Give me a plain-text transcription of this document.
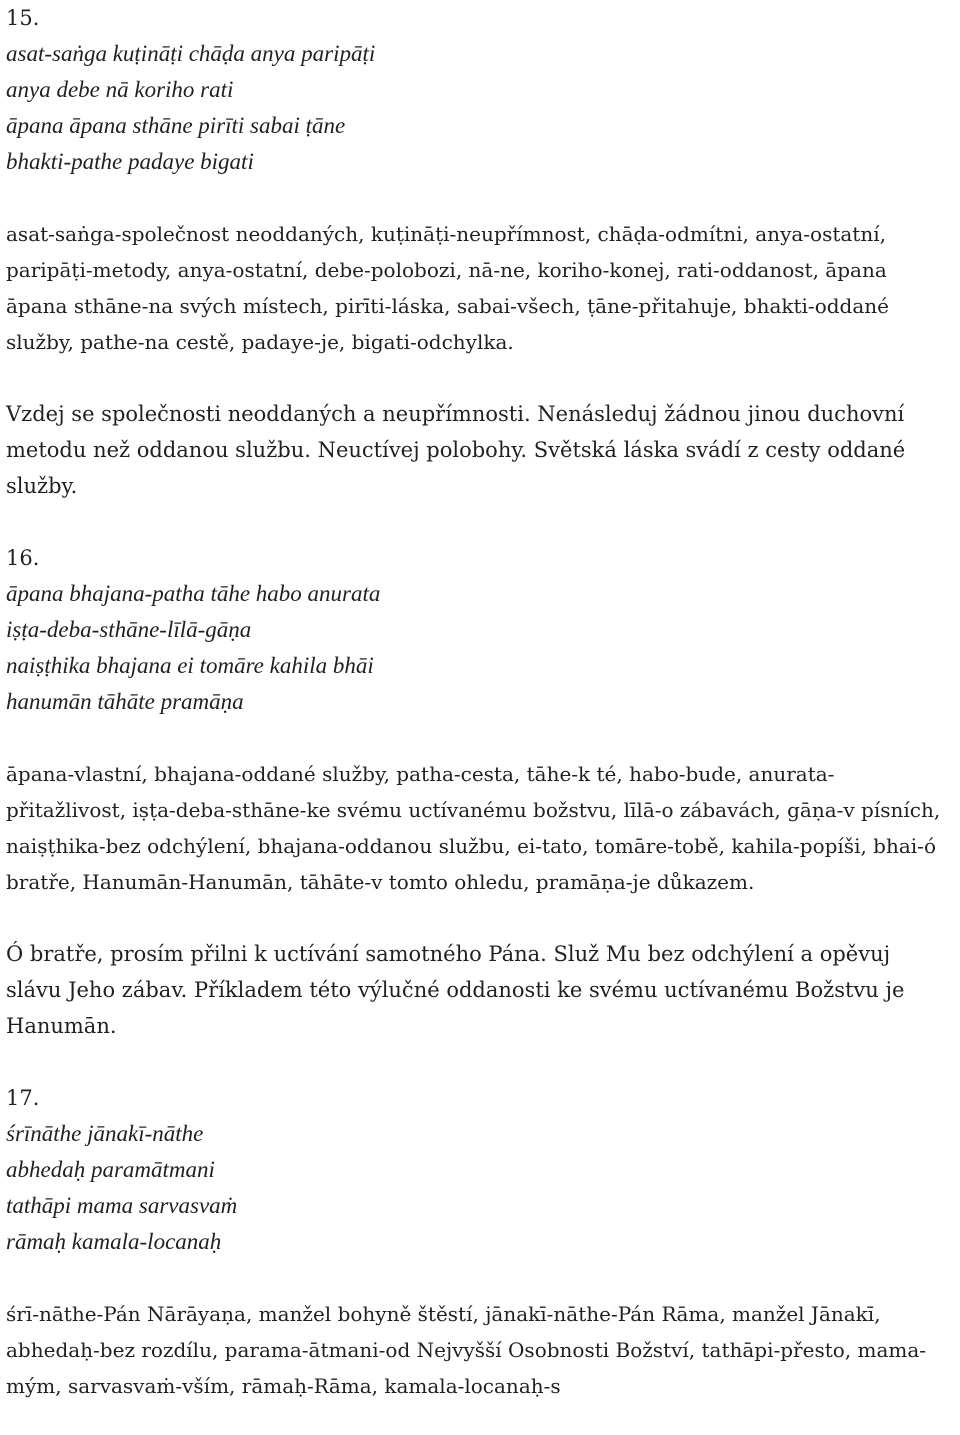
15.

asat-saṅga kuṭināṭi chāḍa anya paripāṭi
anya debe nā koriho rati
āpana āpana sthāne pirīti sabai ṭāne
bhakti-pathe padaye bigati

asat-saṅga-společnost neoddaných, kuṭināṭi-neupřímnost, chāḍa-odmítni, anya-ostatní, paripāṭi-metody, anya-ostatní, debe-polobozi, nā-ne, koriho-konej, rati-oddanost, āpana āpana sthāne-na svých místech, pirīti-láska, sabai-všech, ṭāne-přitahuje, bhakti-oddané služby, pathe-na cestě, padaye-je, bigati-odchylka.

Vzdej se společnosti neoddaných a neupřímnosti. Nenásleduj žádnou jinou duchovní metodu než oddanou službu. Neuctívej polobohy. Světská láska svádí z cesty oddané služby.

16.

āpana bhajana-patha tāhe habo anurata
iṣṭa-deba-sthāne-līlā-gāṇa
naiṣṭhika bhajana ei tomāre kahila bhāi
hanumān tāhāte pramāṇa

āpana-vlastní, bhajana-oddané služby, patha-cesta, tāhe-k té, habo-bude, anurata-přitažlivost, iṣṭa-deba-sthāne-ke svému uctívanému božstvu, līlā-o zábavách, gāṇa-v písních, naiṣṭhika-bez odchýlení, bhajana-oddanou službu, ei-tato, tomāre-tobě, kahila-popíši, bhai-ó bratře, Hanumān-Hanumān, tāhāte-v tomto ohledu, pramāṇa-je důkazem.

Ó bratře, prosím přilni k uctívání samotného Pána. Služ Mu bez odchýlení a opěvuj slávu Jeho zábav. Příkladem této výlučné oddanosti ke svému uctívanému Božstvu je Hanumān.

17.

śrīnāthe jānakī-nāthe
abhedaḥ paramātmani
tathāpi mama sarvasvaṁ
rāmaḥ kamala-locanaḥ

śrī-nāthe-Pán Nārāyaṇa, manžel bohyně štěstí, jānakī-nāthe-Pán Rāma, manžel Jānakī, abhedaḥ-bez rozdílu, parama-ātmani-od Nejvyšší Osobnosti Božství, tathāpi-přesto, mama-mým, sarvasvaṁ-vším, rāmaḥ-Rāma, kamala-locanaḥ-s
